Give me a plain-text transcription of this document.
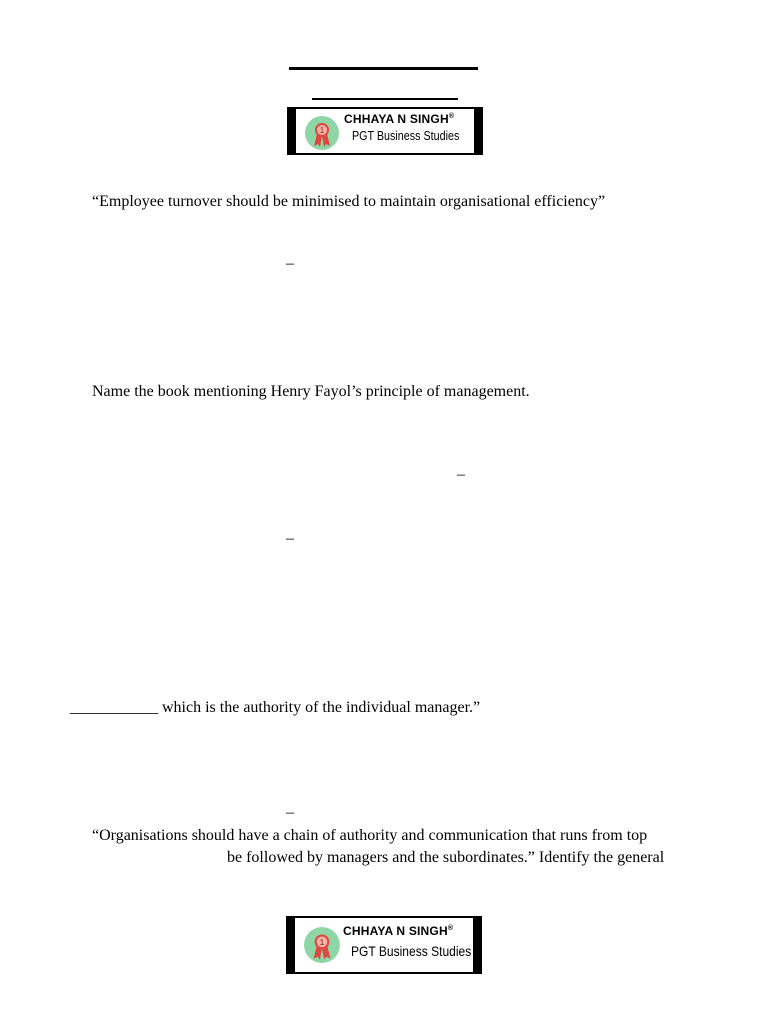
1
CHHAYA N SINGH®
PGT Business Studies
“Employee turnover should be minimised to maintain organisational efficiency”
–
Name the book mentioning Henry Fayol’s principle of management.
–
–
___________ which is the authority of the individual manager.”
–
“Organisations should have a chain of authority and communication that runs from top
be followed by managers and the subordinates.” Identify the general
1
CHHAYA N SINGH®
PGT Business Studies
